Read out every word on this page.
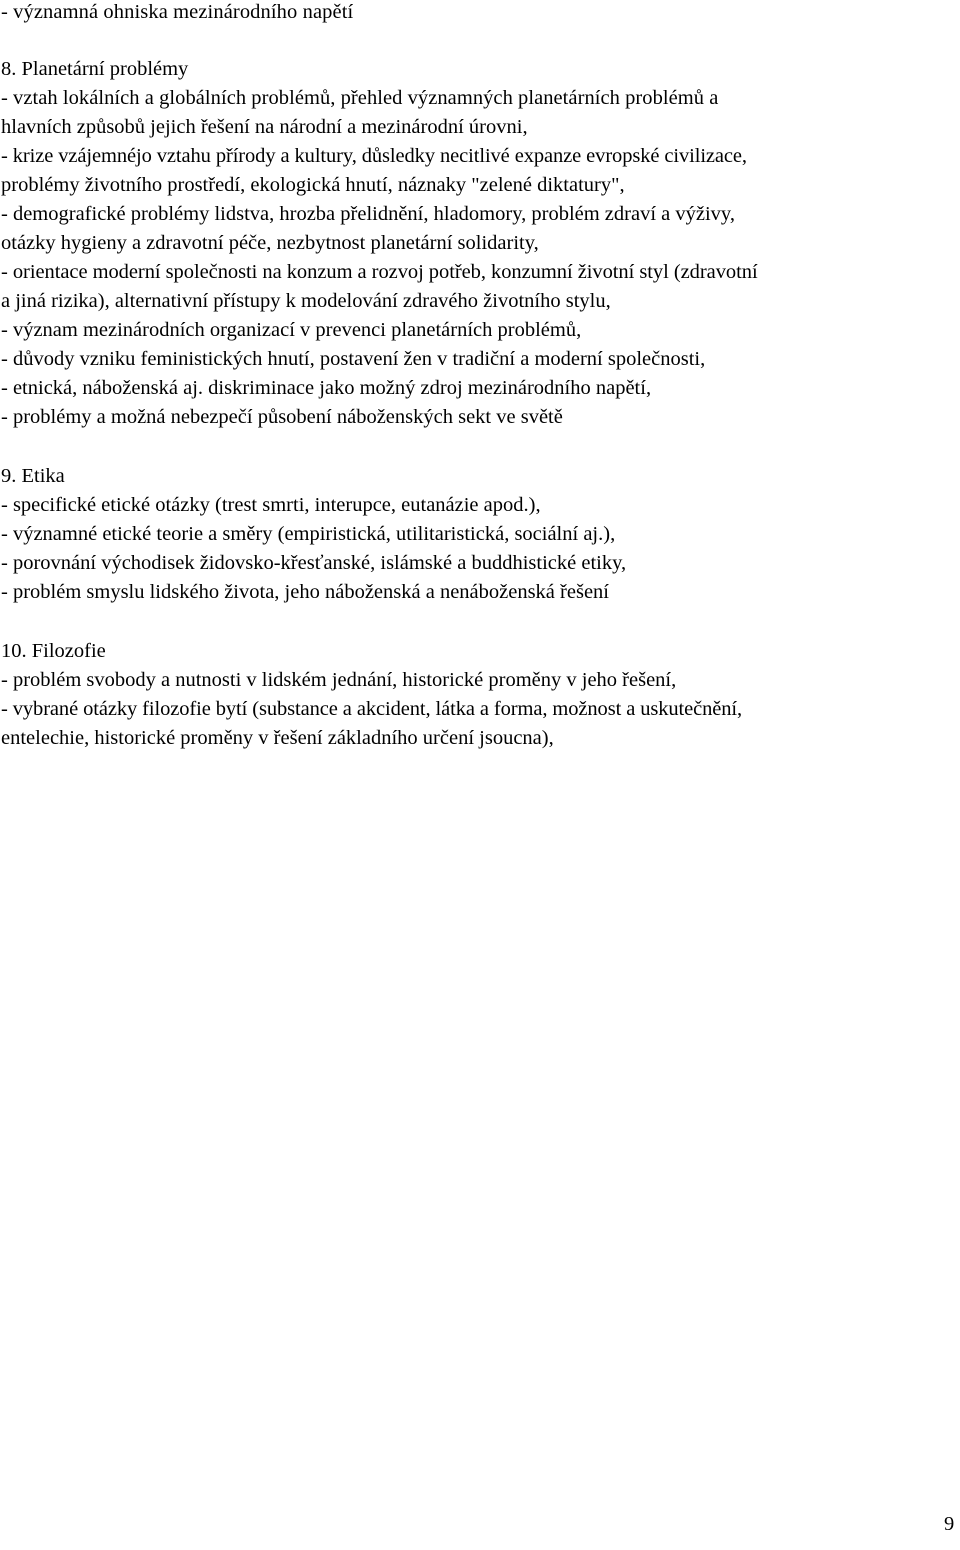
- významná ohniska mezinárodního napětí
8. Planetární problémy
- vztah lokálních a globálních problémů, přehled významných planetárních problémů a
hlavních způsobů jejich řešení na národní a mezinárodní úrovni,
- krize vzájemnéjo vztahu přírody a kultury, důsledky necitlivé expanze evropské civilizace,
problémy životního prostředí, ekologická hnutí, náznaky "zelené diktatury",
- demografické problémy lidstva, hrozba přelidnění, hladomory, problém zdraví a výživy,
otázky hygieny a zdravotní péče, nezbytnost planetární solidarity,
- orientace moderní společnosti na konzum a rozvoj potřeb, konzumní životní styl (zdravotní
a jiná rizika), alternativní přístupy k modelování zdravého životního stylu,
- význam mezinárodních organizací v prevenci planetárních problémů,
- důvody vzniku feministických hnutí, postavení žen v tradiční a moderní společnosti,
- etnická, náboženská aj. diskriminace jako možný zdroj mezinárodního napětí,
- problémy a možná nebezpečí působení náboženských sekt ve světě
9. Etika
- specifické etické otázky (trest smrti, interupce, eutanázie apod.),
- významné etické teorie a směry (empiristická, utilitaristická, sociální aj.),
- porovnání východisek židovsko-křesťanské, islámské a buddhistické etiky,
- problém smyslu lidského života, jeho náboženská a nenáboženská řešení
10. Filozofie
- problém svobody a nutnosti v lidském jednání, historické proměny v jeho řešení,
- vybrané otázky filozofie bytí (substance a akcident, látka a forma, možnost a uskutečnění,
entelechie, historické proměny v řešení základního určení jsoucna),
9
